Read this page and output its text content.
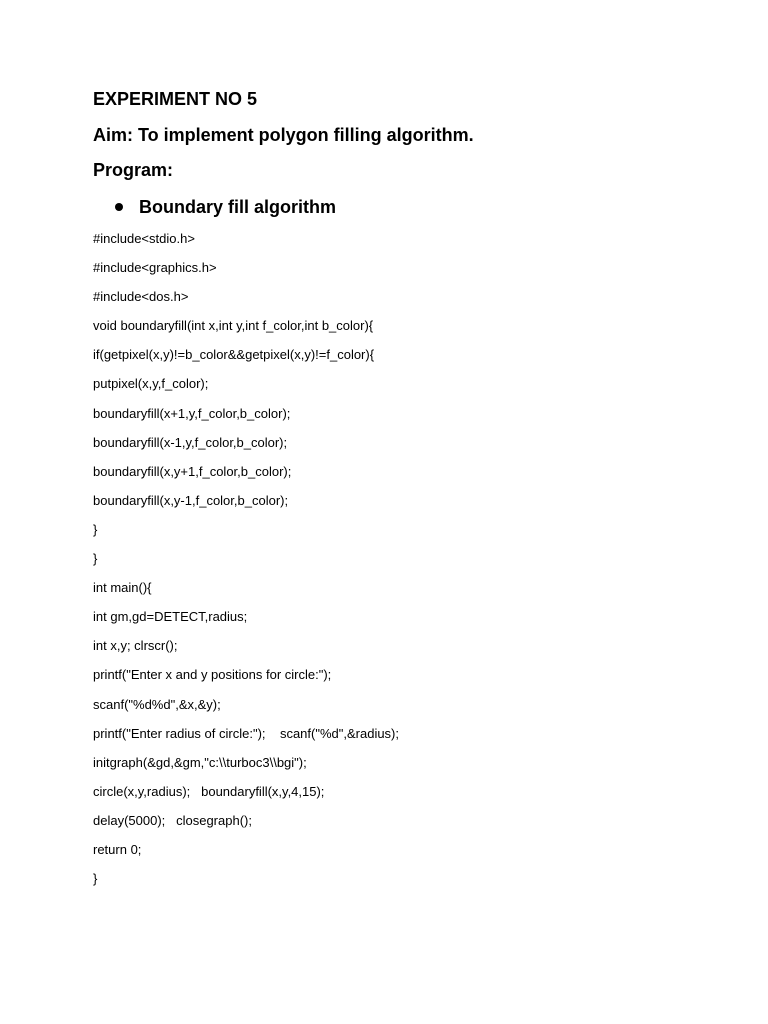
EXPERIMENT NO 5
Aim: To implement polygon filling algorithm.
Program:
Boundary fill algorithm
#include<stdio.h>
#include<graphics.h>
#include<dos.h>
void boundaryfill(int x,int y,int f_color,int b_color){
if(getpixel(x,y)!=b_color&&getpixel(x,y)!=f_color){
putpixel(x,y,f_color);
boundaryfill(x+1,y,f_color,b_color);
boundaryfill(x-1,y,f_color,b_color);
boundaryfill(x,y+1,f_color,b_color);
boundaryfill(x,y-1,f_color,b_color);
}
}
int main(){
int gm,gd=DETECT,radius;
int x,y; clrscr();
printf("Enter x and y positions for circle:");
scanf("%d%d",&x,&y);
printf("Enter radius of circle:");    scanf("%d",&radius);
initgraph(&gd,&gm,"c:\\turboc3\\bgi");
circle(x,y,radius);   boundaryfill(x,y,4,15);
delay(5000);   closegraph();
return 0;
}
